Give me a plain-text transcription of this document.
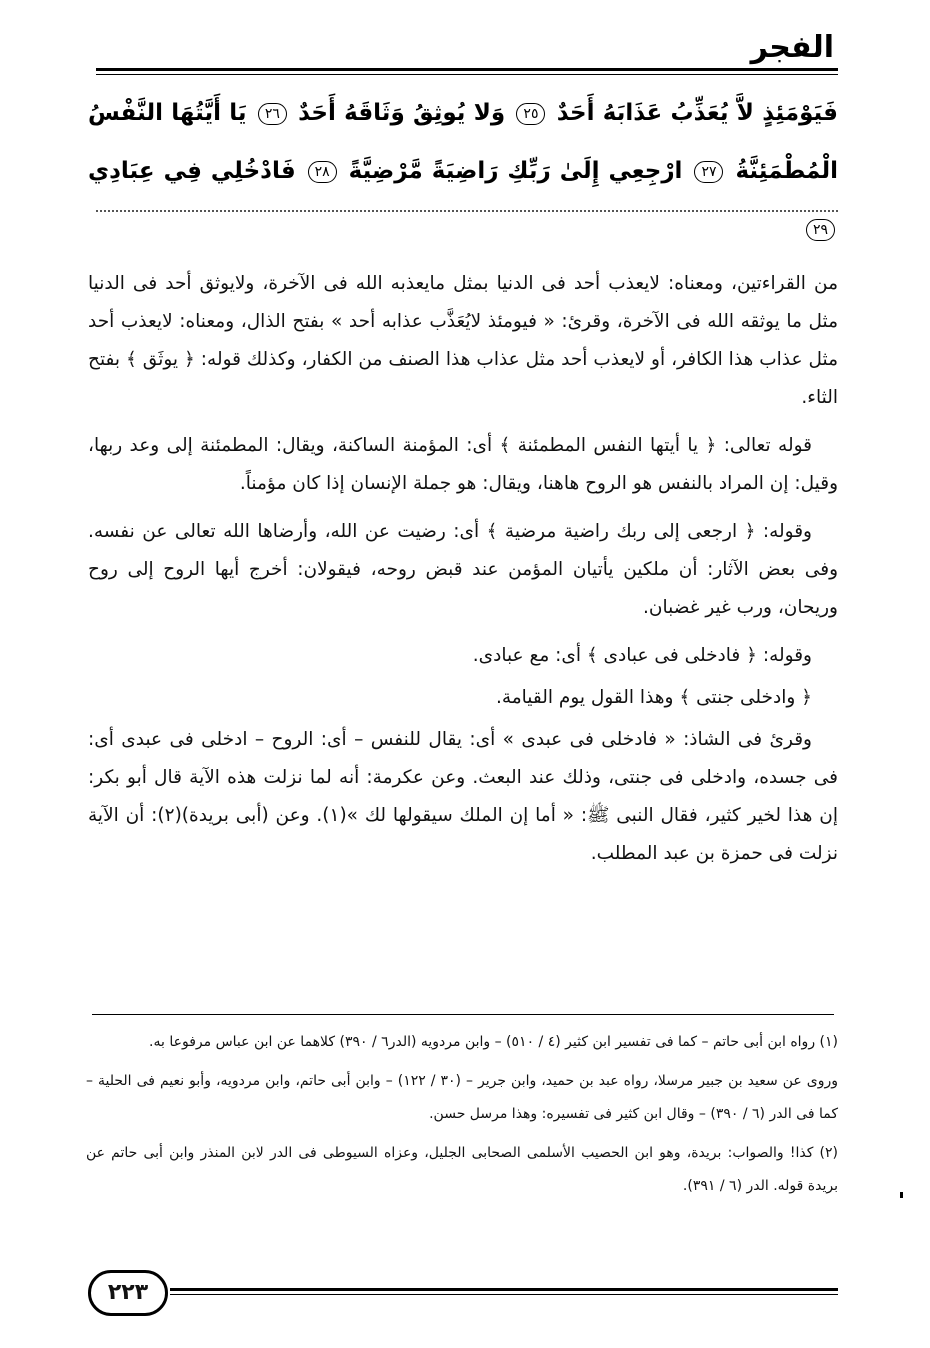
الفجر
فَيَوْمَئِذٍ لاَّ يُعَذِّبُ عَذَابَهُ أَحَدٌ ٢٥ وَلا يُوثِقُ وَثَاقَهُ أَحَدٌ ٢٦ يَا أَيَّتُهَا النَّفْسُ
الْمُطْمَئِنَّةُ ٢٧ ارْجِعِي إِلَىٰ رَبِّكِ رَاضِيَةً مَّرْضِيَّةً ٢٨ فَادْخُلِي فِي عِبَادِي ٢٩

من القراءتين، ومعناه: لايعذب أحد فى الدنيا بمثل مايعذبه الله فى الآخرة، ولايوثق أحد فى الدنيا مثل ما يوثقه الله فى الآخرة، وقرئ: « فيومئذ لايُعَذَّب عذابه أحد » بفتح الذال، ومعناه: لايعذب أحد مثل عذاب هذا الكافر، أو لايعذب أحد مثل عذاب هذا الصنف من الكفار، وكذلك قوله: ﴿ يوثَق ﴾ بفتح الثاء.

قوله تعالى: ﴿ يا أيتها النفس المطمئنة ﴾ أى: المؤمنة الساكنة، ويقال: المطمئنة إلى وعد ربها، وقيل: إن المراد بالنفس هو الروح هاهنا، ويقال: هو جملة الإنسان إذا كان مؤمناً.

وقوله: ﴿ ارجعى إلى ربك راضية مرضية ﴾ أى: رضيت عن الله، وأرضاها الله تعالى عن نفسه. وفى بعض الآثار: أن ملكين يأتيان المؤمن عند قبض روحه، فيقولان: أخرج أيها الروح إلى روح وريحان، ورب غير غضبان.

وقوله: ﴿ فادخلى فى عبادى ﴾ أى: مع عبادى.

﴿ وادخلى جنتى ﴾ وهذا القول يوم القيامة.

وقرئ فى الشاذ: « فادخلى فى عبدى » أى: يقال للنفس – أى: الروح – ادخلى فى عبدى أى: فى جسده، وادخلى فى جنتى، وذلك عند البعث. وعن عكرمة: أنه لما نزلت هذه الآية قال أبو بكر: إن هذا لخير كثير، فقال النبى ﷺ: « أما إن الملك سيقولها لك »(١). وعن (أبى بريدة)(٢): أن الآية نزلت فى حمزة بن عبد المطلب.

(١) رواه ابن أبى حاتم – كما فى تفسير ابن كثير (٤ / ٥١٠) – وابن مردويه (الدر٦ / ٣٩٠) كلاهما عن ابن عباس مرفوعا به.

وروى عن سعيد بن جبير مرسلا، رواه عبد بن حميد، وابن جرير – (٣٠ / ١٢٢) – وابن أبى حاتم، وابن مردويه، وأبو نعيم فى الحلية – كما فى الدر (٦ / ٣٩٠) – وقال ابن كثير فى تفسيره: وهذا مرسل حسن.

(٢) كذا! والصواب: بريدة، وهو ابن الحصيب الأسلمى الصحابى الجليل، وعزاه السيوطى فى الدر لابن المنذر وابن أبى حاتم عن بريدة قوله. الدر (٦ / ٣٩١).

٢٢٣
